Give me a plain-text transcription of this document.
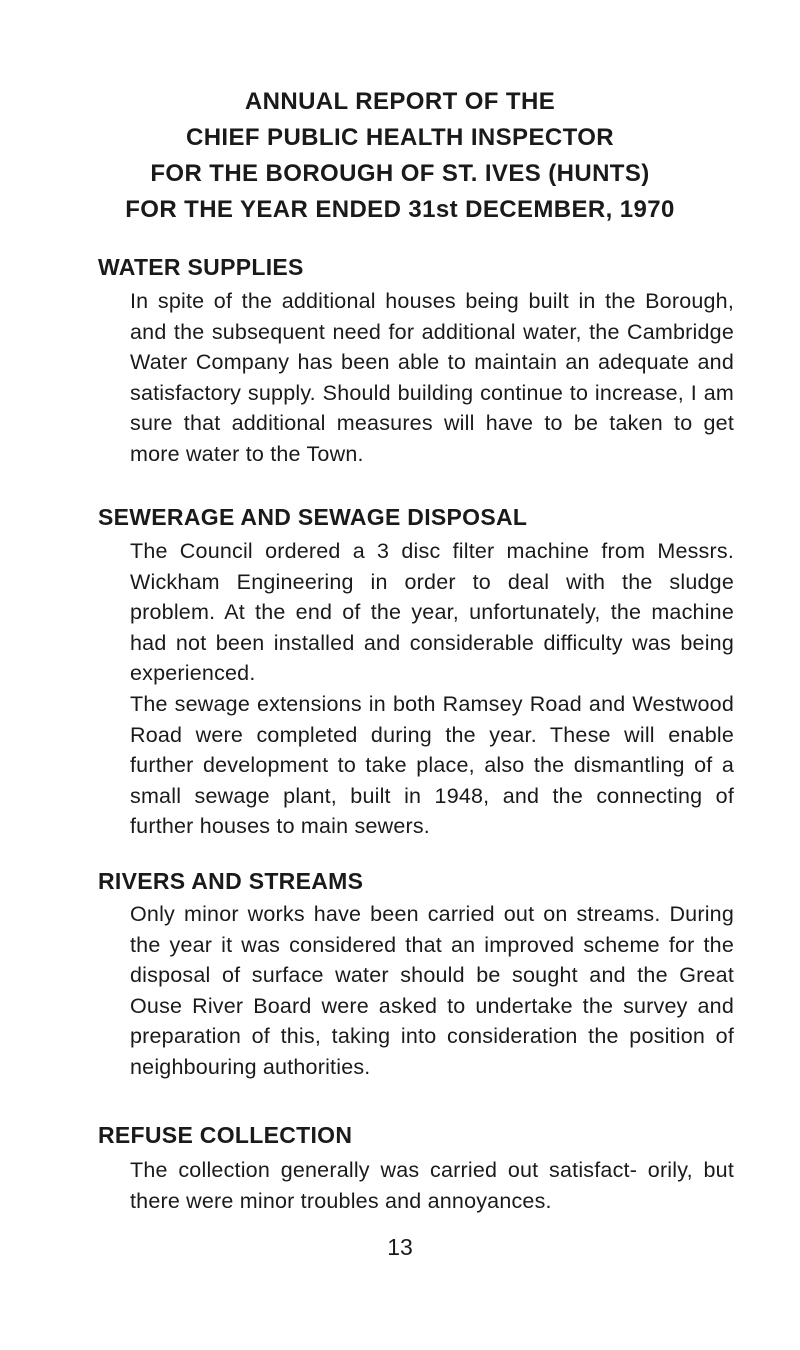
ANNUAL REPORT OF THE
CHIEF PUBLIC HEALTH INSPECTOR
FOR THE BOROUGH OF ST. IVES (HUNTS)
FOR THE YEAR ENDED 31st DECEMBER, 1970
WATER SUPPLIES

In spite of the additional houses being built in the Borough, and the subsequent need for additional water, the Cambridge Water Company has been able to maintain an adequate and satisfactory supply. Should building continue to increase, I am sure that additional measures will have to be taken to get more water to the Town.

SEWERAGE AND SEWAGE DISPOSAL

The Council ordered a 3 disc filter machine from Messrs. Wickham Engineering in order to deal with the sludge problem. At the end of the year, unfortunately, the machine had not been installed and considerable difficulty was being experienced.

The sewage extensions in both Ramsey Road and Westwood Road were completed during the year. These will enable further development to take place, also the dismantling of a small sewage plant, built in 1948, and the connecting of further houses to main sewers.

RIVERS AND STREAMS

Only minor works have been carried out on streams. During the year it was considered that an improved scheme for the disposal of surface water should be sought and the Great Ouse River Board were asked to undertake the survey and preparation of this, taking into consideration the position of neighbouring authorities.

REFUSE COLLECTION

The collection generally was carried out satisfact- orily, but there were minor troubles and annoyances.

13
